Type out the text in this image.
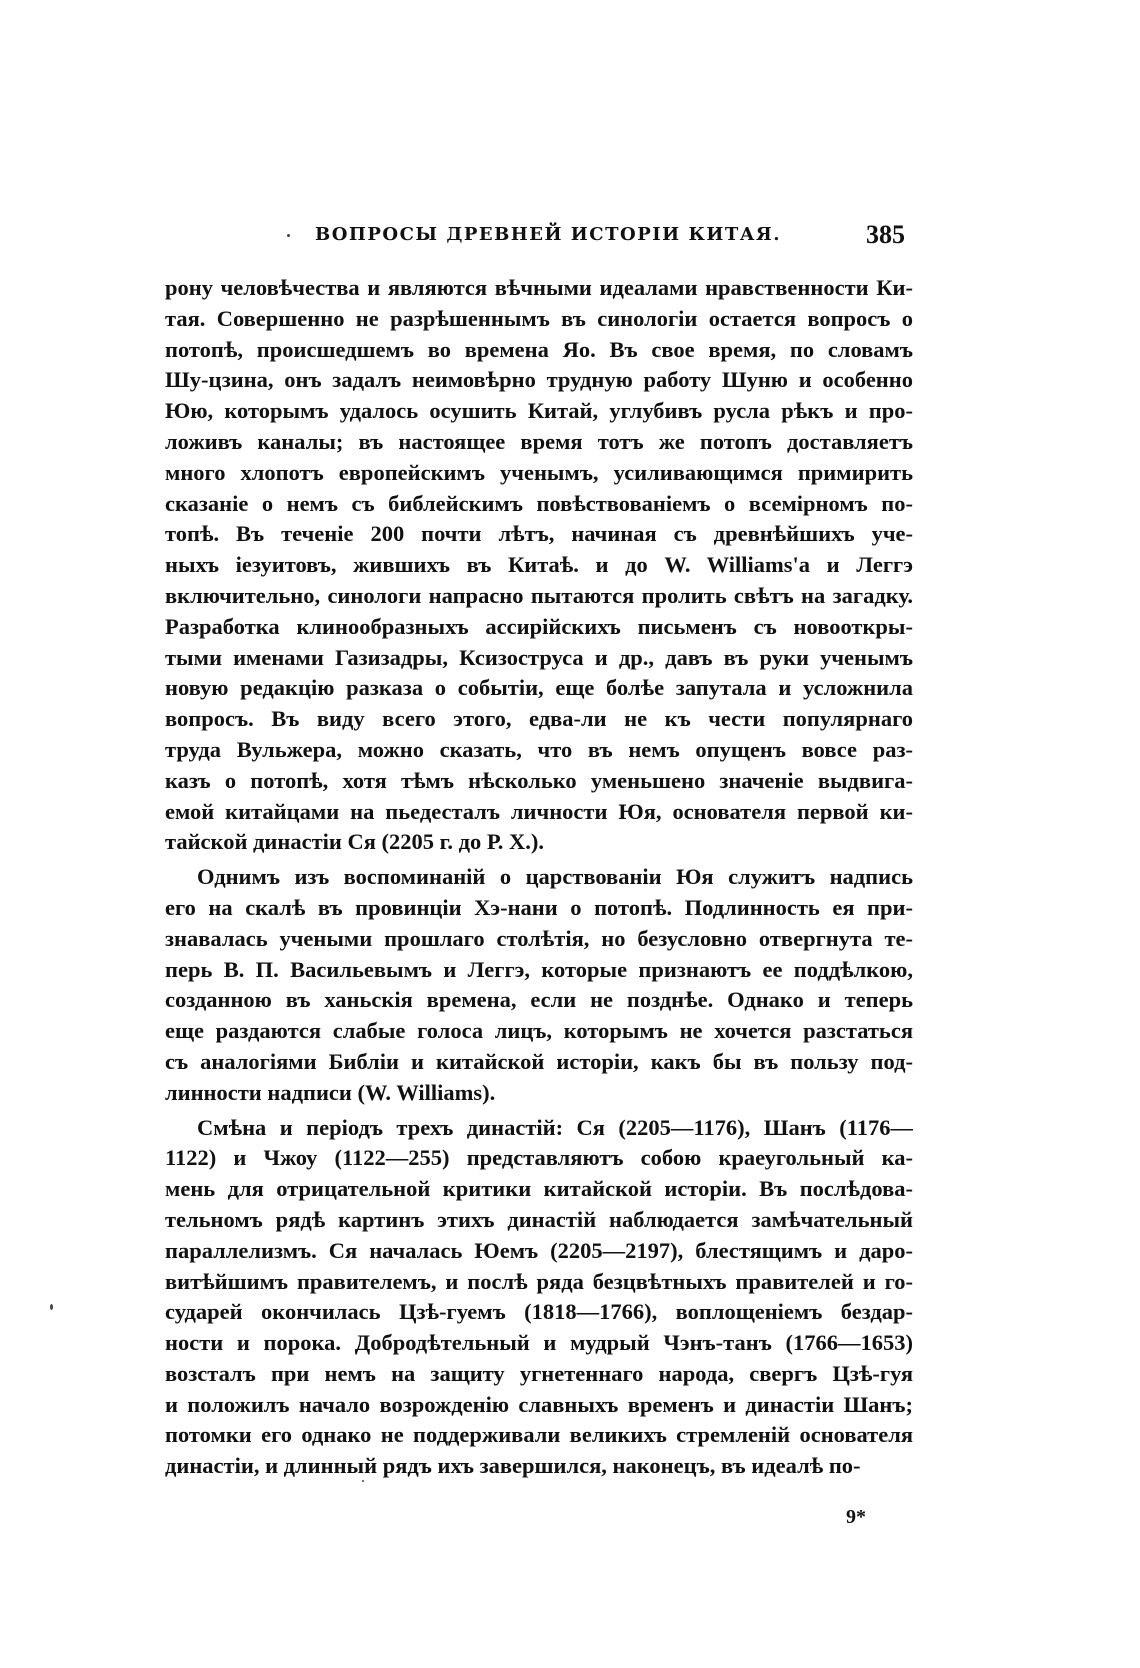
ВОПРОСЫ ДРЕВНЕЙ ИСТОРІИ КИТАЯ.	385
рону человѣчества и являются вѣчными идеалами нравственности Ки-
тая. Совершенно не разрѣшеннымъ въ синологіи остается вопросъ о
потопѣ, происшедшемъ во времена Яо. Въ свое время, по словамъ
Шу-цзина, онъ задалъ неимовѣрно трудную работу Шуню и особенно
Юю, которымъ удалось осушить Китай, углубивъ русла рѣкъ и про-
ложивъ каналы; въ настоящее время тотъ же потопъ доставляетъ
много хлопотъ европейскимъ ученымъ, усиливающимся примирить
сказаніе о немъ съ библейскимъ повѣствованіемъ о всемірномъ по-
топѣ. Въ теченіе 200 почти лѣтъ, начиная съ древнѣйшихъ уче-
ныхъ іезуитовъ, жившихъ въ Китаѣ. и до W. Williams'а и Леггэ
включительно, синологи напрасно пытаются пролить свѣтъ на загадку.
Разработка клинообразныхъ ассирійскихъ письменъ съ новооткры-
тыми именами Газизадры, Ксизоструса и др., давъ въ руки ученымъ
новую редакцію разказа о событіи, еще болѣе запутала и усложнила
вопросъ. Въ виду всего этого, едва-ли не къ чести популярнаго
труда Вульжера, можно сказать, что въ немъ опущенъ вовсе раз-
казъ о потопѣ, хотя тѣмъ нѣсколько уменьшено значеніе выдвига-
емой китайцами на пьедесталъ личности Юя, основателя первой ки-
тайской династіи Ся (2205 г. до Р. Х.).
Однимъ изъ воспоминаній о царствованіи Юя служитъ надпись
его на скалѣ въ провинціи Хэ-нани о потопѣ. Подлинность ея при-
знавалась учеными прошлаго столѣтія, но безусловно отвергнута те-
перь В. П. Васильевымъ и Леггэ, которые признаютъ ее поддѣлкою,
созданною въ ханьскія времена, если не позднѣе. Однако и теперь
еще раздаются слабые голоса лицъ, которымъ не хочется разстаться
съ аналогіями Библіи и китайской исторіи, какъ бы въ пользу под-
линности надписи (W. Williams).
Смѣна и періодъ трехъ династій: Ся (2205—1176), Шанъ (1176—
1122) и Чжоу (1122—255) представляютъ собою краеугольный ка-
мень для отрицательной критики китайской исторіи. Въ послѣдова-
тельномъ рядѣ картинъ этихъ династій наблюдается замѣчательный
параллелизмъ. Ся началась Юемъ (2205—2197), блестящимъ и даро-
витѣйшимъ правителемъ, и послѣ ряда безцвѣтныхъ правителей и го-
сударей окончилась Цзѣ-гуемъ (1818—1766), воплощеніемъ бездар-
ности и порока. Добродѣтельный и мудрый Чэнъ-танъ (1766—1653)
возсталъ при немъ на защиту угнетеннаго народа, свергъ Цзѣ-гуя
и положилъ начало возрожденію славныхъ временъ и династіи Шанъ;
потомки его однако не поддерживали великихъ стремленій основателя
династіи, и длинный рядъ ихъ завершился, наконецъ, въ идеалѣ по-
9*
